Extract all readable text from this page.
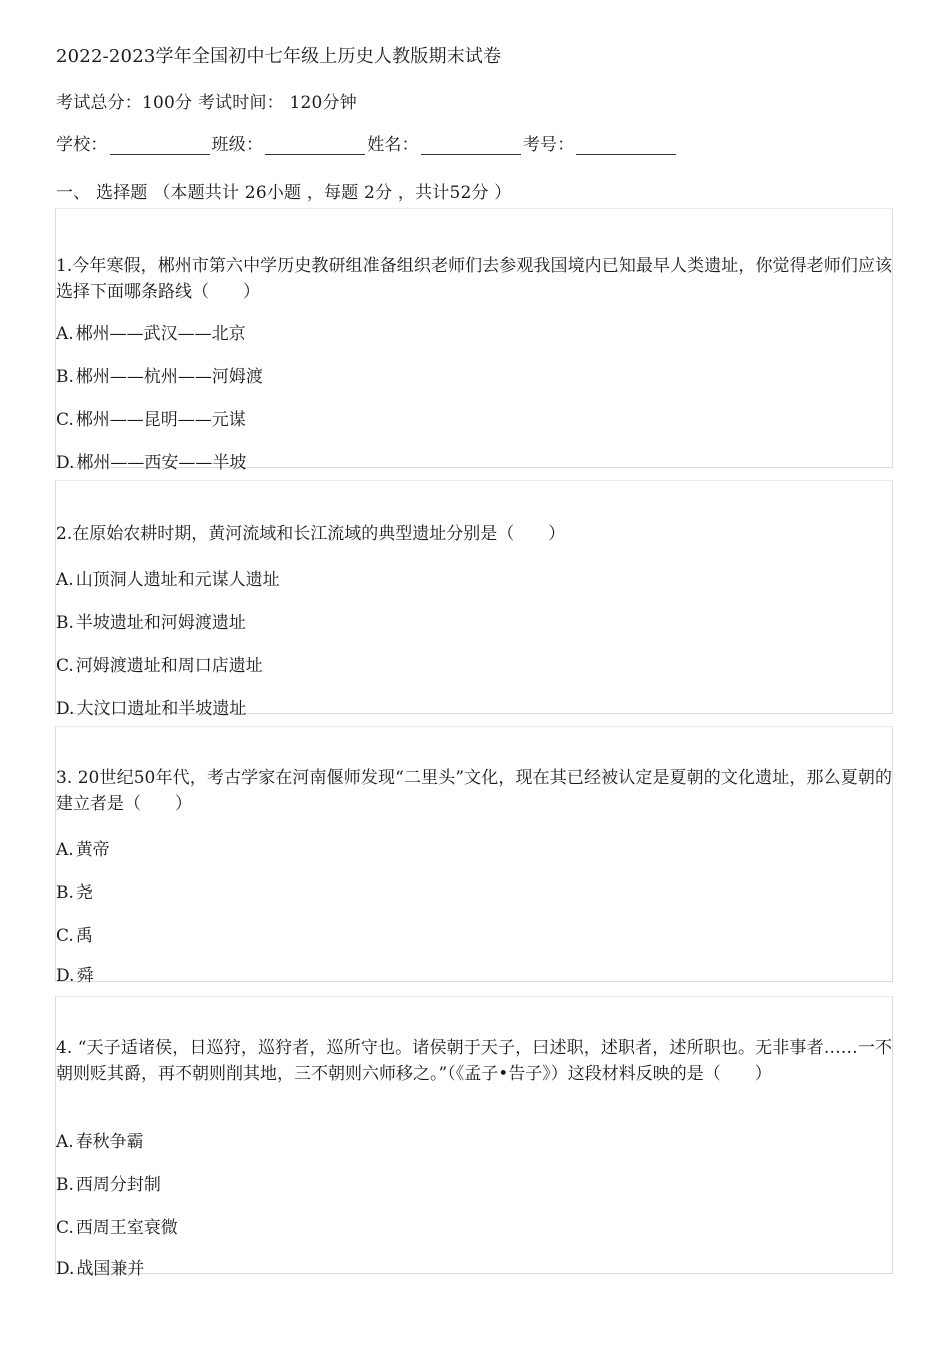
2022-2023学年全国初中七年级上历史人教版期末试卷
考试总分：100分 考试时间： 120分钟
学校：	班级：	姓名：	考号：
一、 选择题 （本题共计 26小题 ，每题 2分 ，共计52分 ）
1.今年寒假，郴州市第六中学历史教研组准备组织老师们去参观我国境内已知最早人类遗址，你觉得老师们应该选择下面哪条路线（　　）
A. 郴州——武汉——北京
B. 郴州——杭州——河姆渡
C. 郴州——昆明——元谋
D. 郴州——西安——半坡
2.在原始农耕时期，黄河流域和长江流域的典型遗址分别是（　　）
A. 山顶洞人遗址和元谋人遗址
B. 半坡遗址和河姆渡遗址
C. 河姆渡遗址和周口店遗址
D. 大汶口遗址和半坡遗址
3. 20世纪50年代，考古学家在河南偃师发现“二里头”文化，现在其已经被认定是夏朝的文化遗址，那么夏朝的建立者是（　　）
A. 黄帝
B. 尧
C. 禹
D. 舜
4. “天子适诸侯，日巡狩，巡狩者，巡所守也。诸侯朝于天子，曰述职，述职者，述所职也。无非事者……一不朝则贬其爵，再不朝则削其地，三不朝则六师移之。”（《孟子•告子》）这段材料反映的是（　　）
A. 春秋争霸
B. 西周分封制
C. 西周王室衰微
D. 战国兼并
